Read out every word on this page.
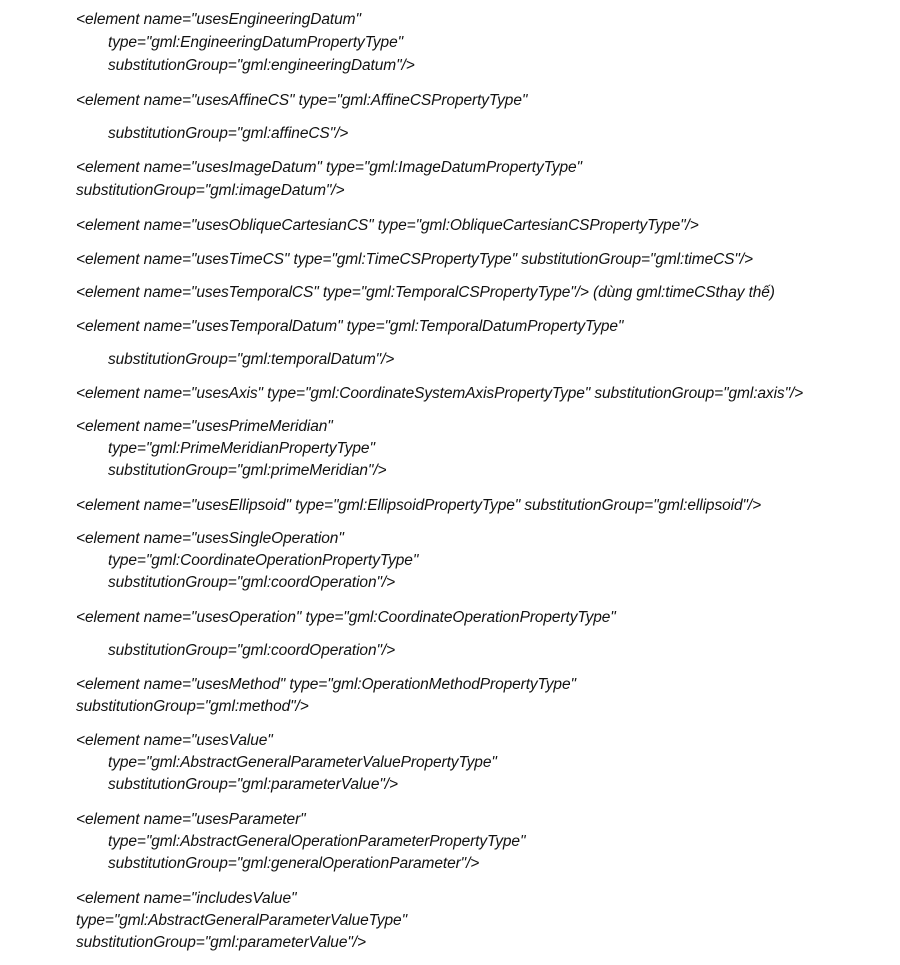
<element name="usesEngineeringDatum"
type="gml:EngineeringDatumPropertyType"
substitutionGroup="gml:engineeringDatum"/>
<element name="usesAffineCS" type="gml:AffineCSPropertyType"
substitutionGroup="gml:affineCS"/>
<element name="usesImageDatum" type="gml:ImageDatumPropertyType"
substitutionGroup="gml:imageDatum"/>
<element name="usesObliqueCartesianCS" type="gml:ObliqueCartesianCSPropertyType"/>
<element name="usesTimeCS" type="gml:TimeCSPropertyType" substitutionGroup="gml:timeCS"/>
<element name="usesTemporalCS" type="gml:TemporalCSPropertyType"/> (dùng gml:timeCSthay thế)
<element name="usesTemporalDatum" type="gml:TemporalDatumPropertyType"
substitutionGroup="gml:temporalDatum"/>
<element name="usesAxis" type="gml:CoordinateSystemAxisPropertyType" substitutionGroup="gml:axis"/>
<element name="usesPrimeMeridian"
type="gml:PrimeMeridianPropertyType"
substitutionGroup="gml:primeMeridian"/>
<element name="usesEllipsoid" type="gml:EllipsoidPropertyType" substitutionGroup="gml:ellipsoid"/>
<element name="usesSingleOperation"
type="gml:CoordinateOperationPropertyType"
substitutionGroup="gml:coordOperation"/>
<element name="usesOperation" type="gml:CoordinateOperationPropertyType"
substitutionGroup="gml:coordOperation"/>
<element name="usesMethod" type="gml:OperationMethodPropertyType"
substitutionGroup="gml:method"/>
<element name="usesValue"
type="gml:AbstractGeneralParameterValuePropertyType"
substitutionGroup="gml:parameterValue"/>
<element name="usesParameter"
type="gml:AbstractGeneralOperationParameterPropertyType"
substitutionGroup="gml:generalOperationParameter"/>
<element name="includesValue"
type="gml:AbstractGeneralParameterValueType"
substitutionGroup="gml:parameterValue"/>
